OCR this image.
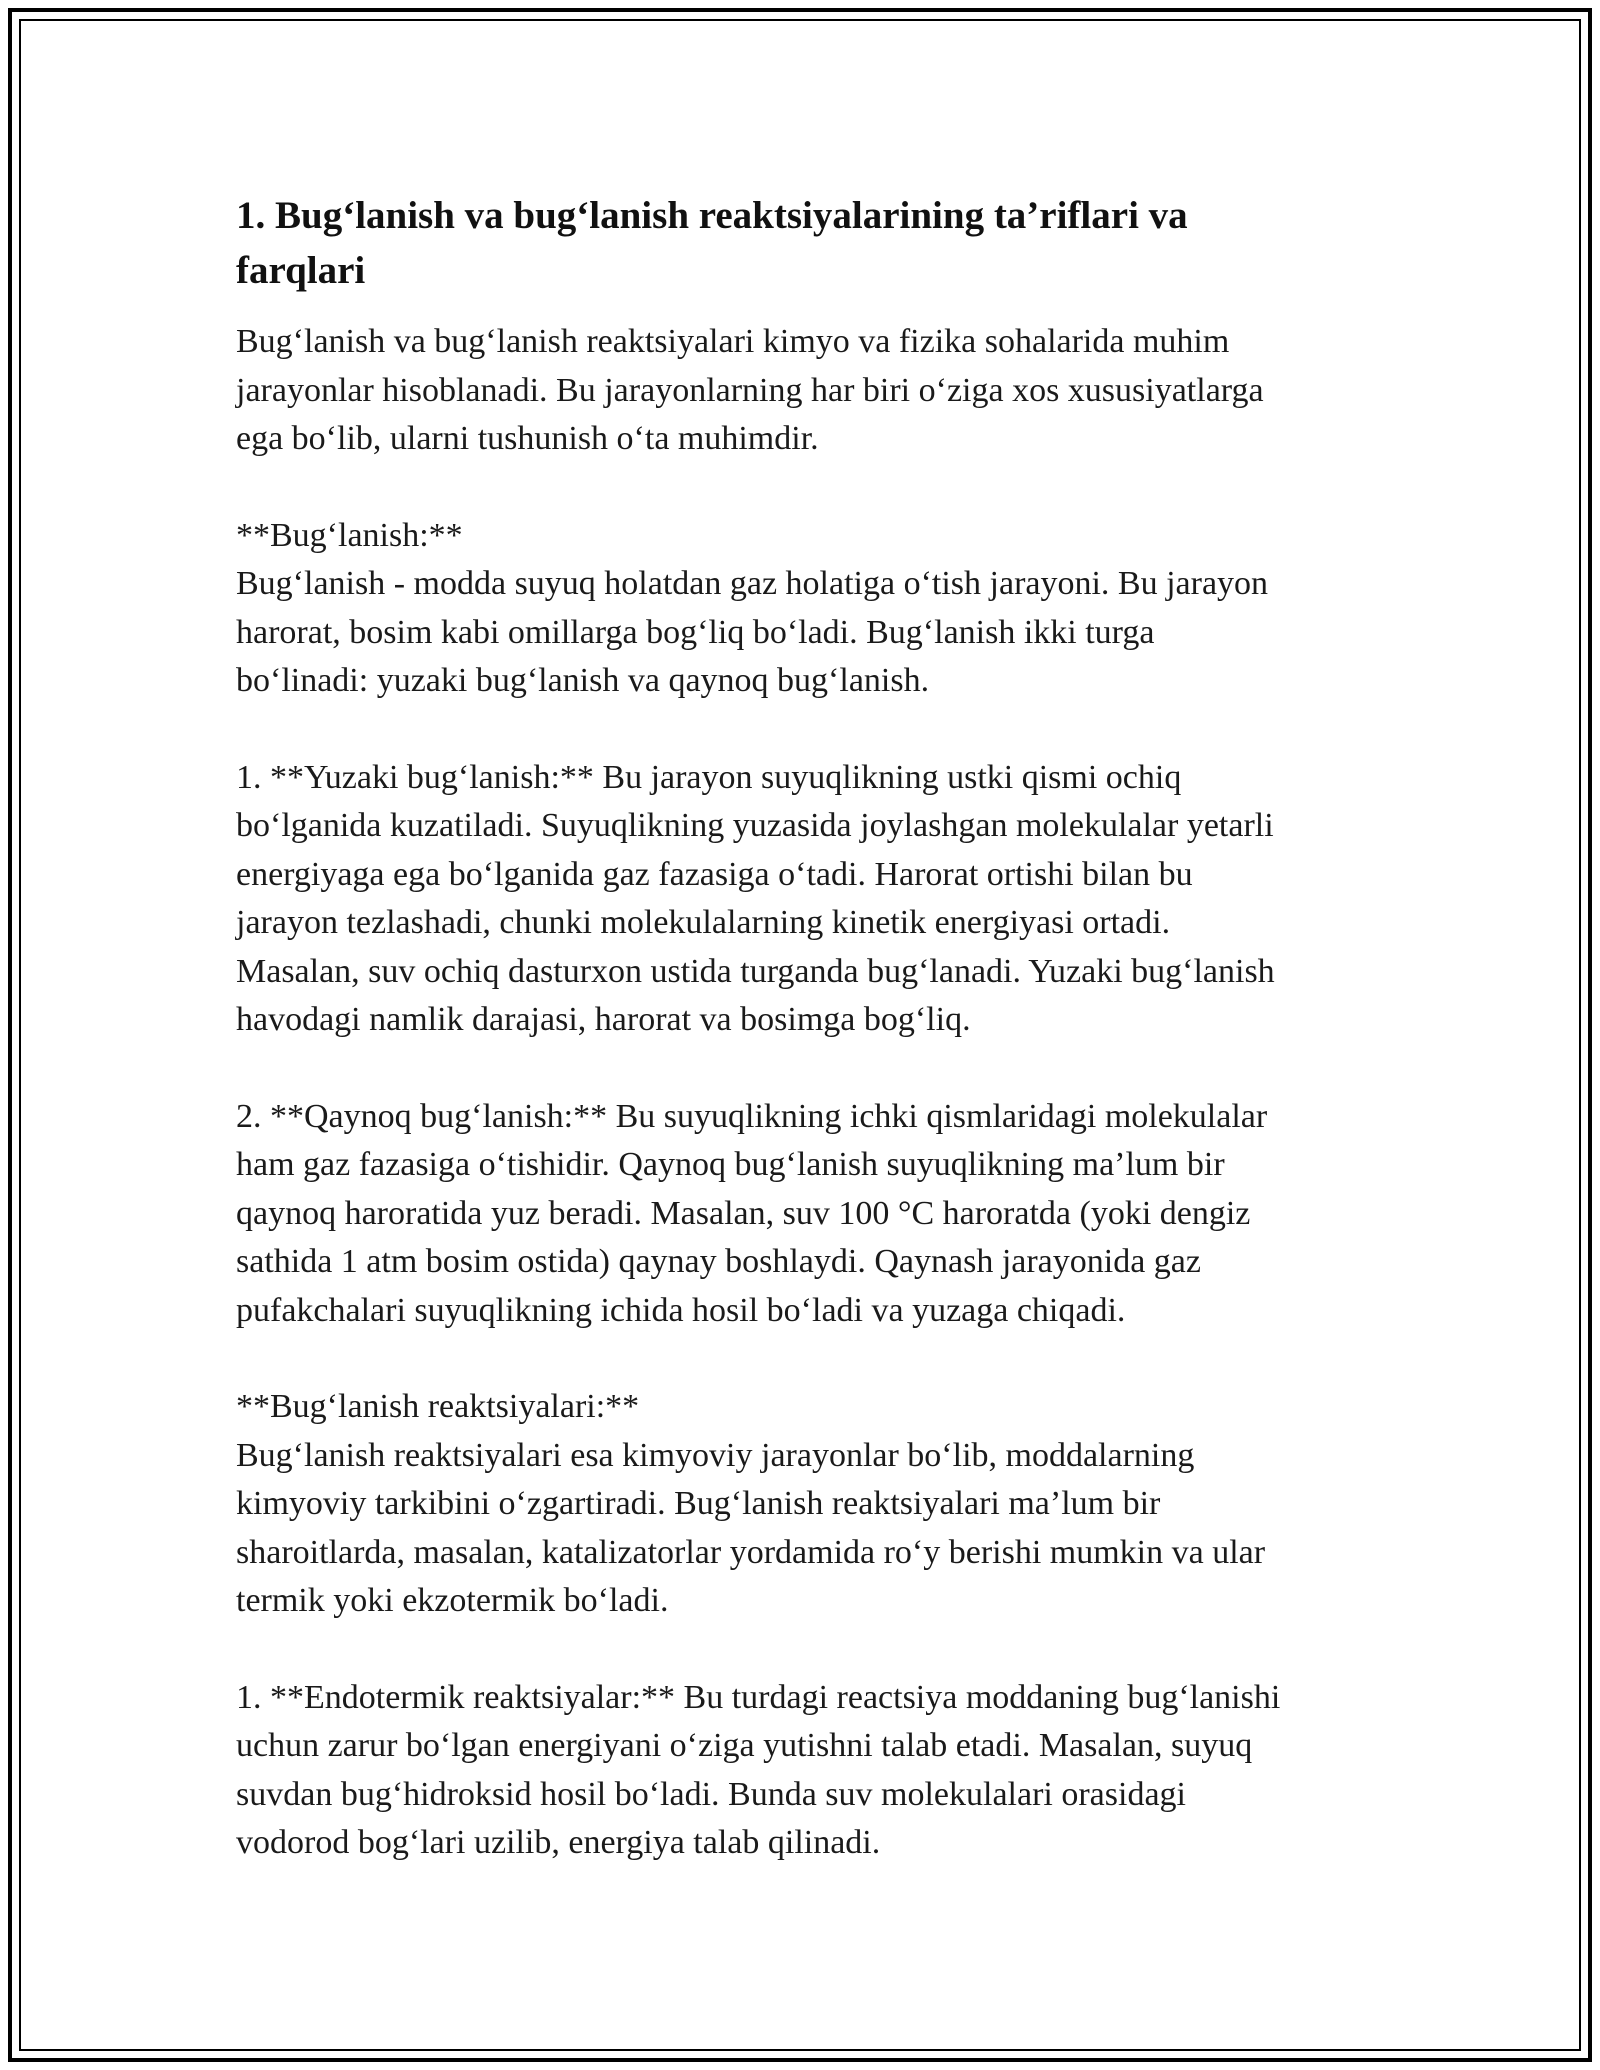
1. Bug‘lanish va bug‘lanish reaktsiyalarining ta’riflari va
farqlari

Bug‘lanish va bug‘lanish reaktsiyalari kimyo va fizika sohalarida muhim
jarayonlar hisoblanadi. Bu jarayonlarning har biri o‘ziga xos xususiyatlarga
ega bo‘lib, ularni tushunish o‘ta muhimdir.

**Bug‘lanish:**
Bug‘lanish - modda suyuq holatdan gaz holatiga o‘tish jarayoni. Bu jarayon
harorat, bosim kabi omillarga bog‘liq bo‘ladi. Bug‘lanish ikki turga
bo‘linadi: yuzaki bug‘lanish va qaynoq bug‘lanish.

1. **Yuzaki bug‘lanish:** Bu jarayon suyuqlikning ustki qismi ochiq
bo‘lganida kuzatiladi. Suyuqlikning yuzasida joylashgan molekulalar yetarli
energiyaga ega bo‘lganida gaz fazasiga o‘tadi. Harorat ortishi bilan bu
jarayon tezlashadi, chunki molekulalarning kinetik energiyasi ortadi.
Masalan, suv ochiq dasturxon ustida turganda bug‘lanadi. Yuzaki bug‘lanish
havodagi namlik darajasi, harorat va bosimga bog‘liq.

2. **Qaynoq bug‘lanish:** Bu suyuqlikning ichki qismlaridagi molekulalar
ham gaz fazasiga o‘tishidir. Qaynoq bug‘lanish suyuqlikning ma’lum bir
qaynoq haroratida yuz beradi. Masalan, suv 100 °C haroratda (yoki dengiz
sathida 1 atm bosim ostida) qaynay boshlaydi. Qaynash jarayonida gaz
pufakchalari suyuqlikning ichida hosil bo‘ladi va yuzaga chiqadi.

**Bug‘lanish reaktsiyalari:**
Bug‘lanish reaktsiyalari esa kimyoviy jarayonlar bo‘lib, moddalarning
kimyoviy tarkibini o‘zgartiradi. Bug‘lanish reaktsiyalari ma’lum bir
sharoitlarda, masalan, katalizatorlar yordamida ro‘y berishi mumkin va ular
termik yoki ekzotermik bo‘ladi.

1. **Endotermik reaktsiyalar:** Bu turdagi reactsiya moddaning bug‘lanishi
uchun zarur bo‘lgan energiyani o‘ziga yutishni talab etadi. Masalan, suyuq
suvdan bug‘hidroksid hosil bo‘ladi. Bunda suv molekulalari orasidagi
vodorod bog‘lari uzilib, energiya talab qilinadi.
